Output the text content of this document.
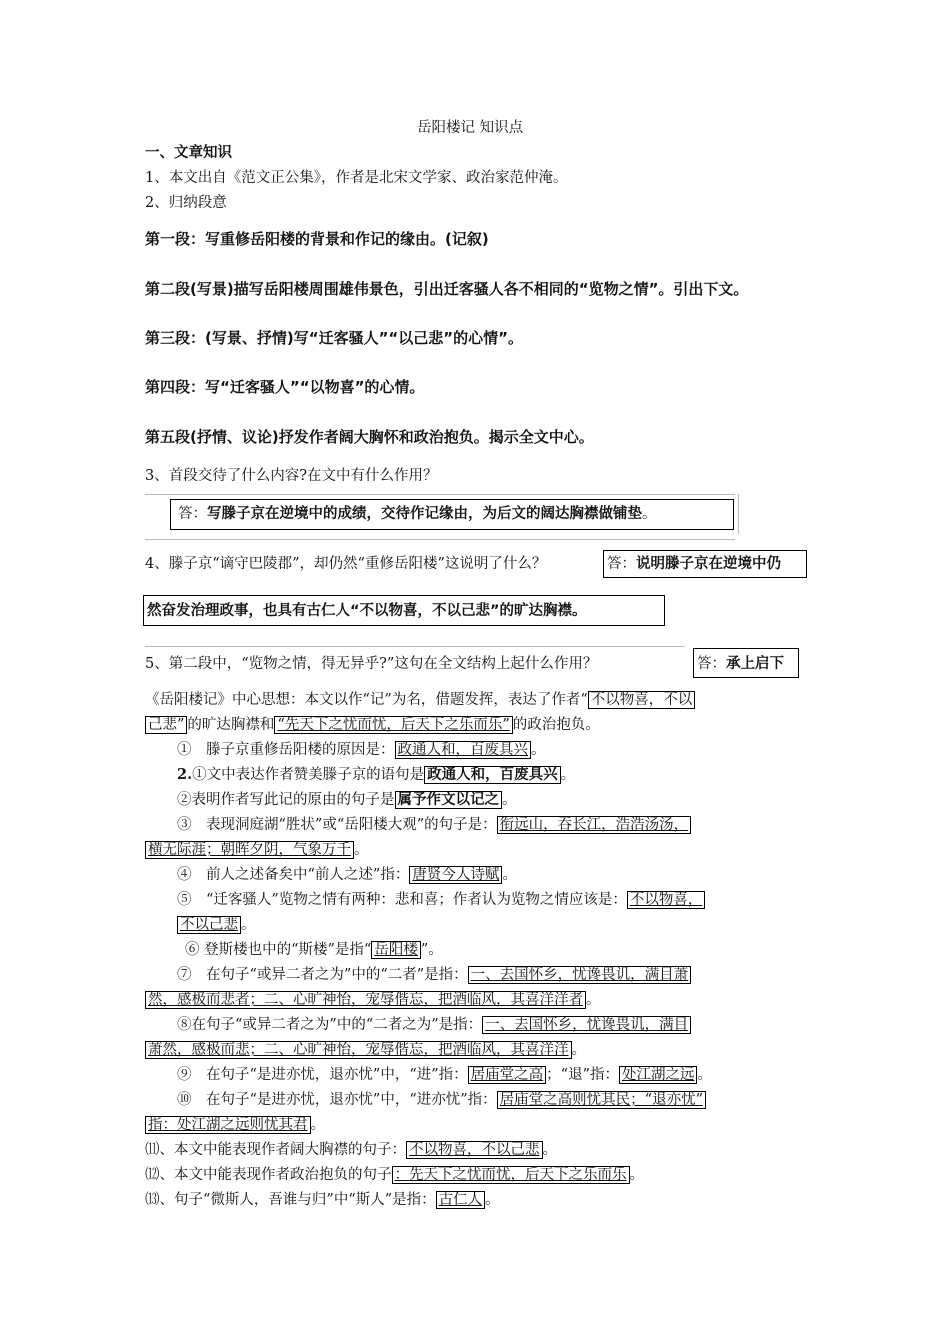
岳阳楼记 知识点
一、文章知识
1、本文出自《范文正公集》，作者是北宋文学家、政治家范仲淹。
2、归纳段意
第一段：写重修岳阳楼的背景和作记的缘由。(记叙)
第二段(写景)描写岳阳楼周围雄伟景色，引出迁客骚人各不相同的“览物之情”。引出下文。
第三段：(写景、抒情)写“迁客骚人”“以己悲”的心情”。
第四段：写“迁客骚人”“以物喜”的心情。
第五段(抒情、议论)抒发作者阔大胸怀和政治抱负。揭示全文中心。
3、首段交待了什么内容?在文中有什么作用？
答：写滕子京在逆境中的成绩，交待作记缘由，为后文的阔达胸襟做铺垫。
4、滕子京“谪守巴陵郡”，却仍然“重修岳阳楼”这说明了什么？	答：说明滕子京在逆境中仍
然奋发治理政事，也具有古仁人“不以物喜，不以己悲”的旷达胸襟。
5、第二段中，“览物之情，得无异乎?”这句在全文结构上起什么作用？	答：承上启下
《岳阳楼记》中心思想：本文以作“记”为名，借题发挥，表达了作者“ 不以物喜，不以
己悲” 的旷达胸襟和 “先天下之忧而忧，后天下之乐而乐” 的政治抱负。
①　滕子京重修岳阳楼的原因是： 政通人和，百废具兴 。
2.①文中表达作者赞美滕子京的语句是 政通人和，百废具兴 。
②表明作者写此记的原由的句子是 属予作文以记之 。
③　表现洞庭湖“胜状”或“岳阳楼大观”的句子是： 衔远山，吞长江，浩浩汤汤，
横无际涯；朝晖夕阴，气象万千 。
④　前人之述备矣中“前人之述”指： 唐贤今人诗赋 。
⑤　“迁客骚人”览物之情有两种：悲和喜；作者认为览物之情应该是： 不以物喜，
不以己悲 。
⑥ 登斯楼也中的“斯楼”是指“ 岳阳楼 ”。
⑦　在句子“或异二者之为”中的“二者”是指： 一、去国怀乡，忧谗畏讥，满目萧
然，感极而悲者；二、心旷神怡，宠辱偕忘，把酒临风，其喜洋洋者 。
⑧在句子“或异二者之为”中的“二者之为”是指： 一、去国怀乡，忧谗畏讥，满目
萧然，感极而悲；二、心旷神怡，宠辱偕忘，把酒临风，其喜洋洋 。
⑨　在句子“是进亦忧，退亦忧”中，“进”指： 居庙堂之高 ；“退”指： 处江湖之远 。
⑩　在句子“是进亦忧，退亦忧”中，“进亦忧”指： 居庙堂之高则忧其民；“退亦忧”
指：处江湖之远则忧其君 。
⑾、本文中能表现作者阔大胸襟的句子： 不以物喜，不以己悲 。
⑿、本文中能表现作者政治抱负的句子 ：先天下之忧而忧，后天下之乐而乐 。
⒀、句子“微斯人，吾谁与归”中“斯人”是指： 古仁人 。
